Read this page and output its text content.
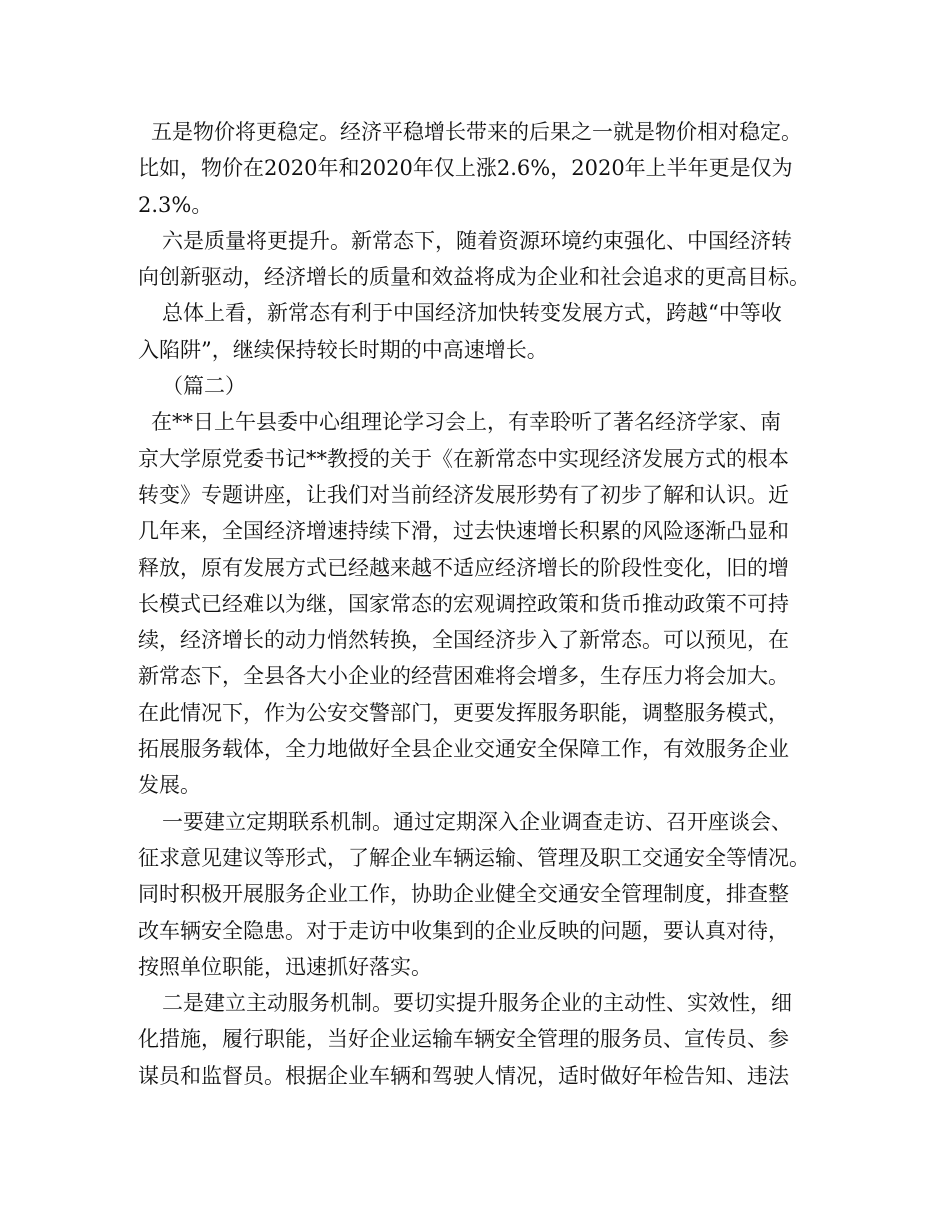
五是物价将更稳定。经济平稳增长带来的后果之一就是物价相对稳定。
比如，物价在2020年和2020年仅上涨2.6%，2020年上半年更是仅为
2.3%。
六是质量将更提升。新常态下，随着资源环境约束强化、中国经济转
向创新驱动，经济增长的质量和效益将成为企业和社会追求的更高目标。
总体上看，新常态有利于中国经济加快转变发展方式，跨越“中等收
入陷阱”，继续保持较长时期的中高速增长。
（篇二）
在**日上午县委中心组理论学习会上，有幸聆听了著名经济学家、南
京大学原党委书记**教授的关于《在新常态中实现经济发展方式的根本
转变》专题讲座，让我们对当前经济发展形势有了初步了解和认识。近
几年来，全国经济增速持续下滑，过去快速增长积累的风险逐渐凸显和
释放，原有发展方式已经越来越不适应经济增长的阶段性变化，旧的增
长模式已经难以为继，国家常态的宏观调控政策和货币推动政策不可持
续，经济增长的动力悄然转换，全国经济步入了新常态。可以预见，在
新常态下，全县各大小企业的经营困难将会增多，生存压力将会加大。
在此情况下，作为公安交警部门，更要发挥服务职能，调整服务模式，
拓展服务载体，全力地做好全县企业交通安全保障工作，有效服务企业
发展。
一要建立定期联系机制。通过定期深入企业调查走访、召开座谈会、
征求意见建议等形式，了解企业车辆运输、管理及职工交通安全等情况。
同时积极开展服务企业工作，协助企业健全交通安全管理制度，排查整
改车辆安全隐患。对于走访中收集到的企业反映的问题，要认真对待，
按照单位职能，迅速抓好落实。
二是建立主动服务机制。要切实提升服务企业的主动性、实效性，细
化措施，履行职能，当好企业运输车辆安全管理的服务员、宣传员、参
谋员和监督员。根据企业车辆和驾驶人情况，适时做好年检告知、违法
